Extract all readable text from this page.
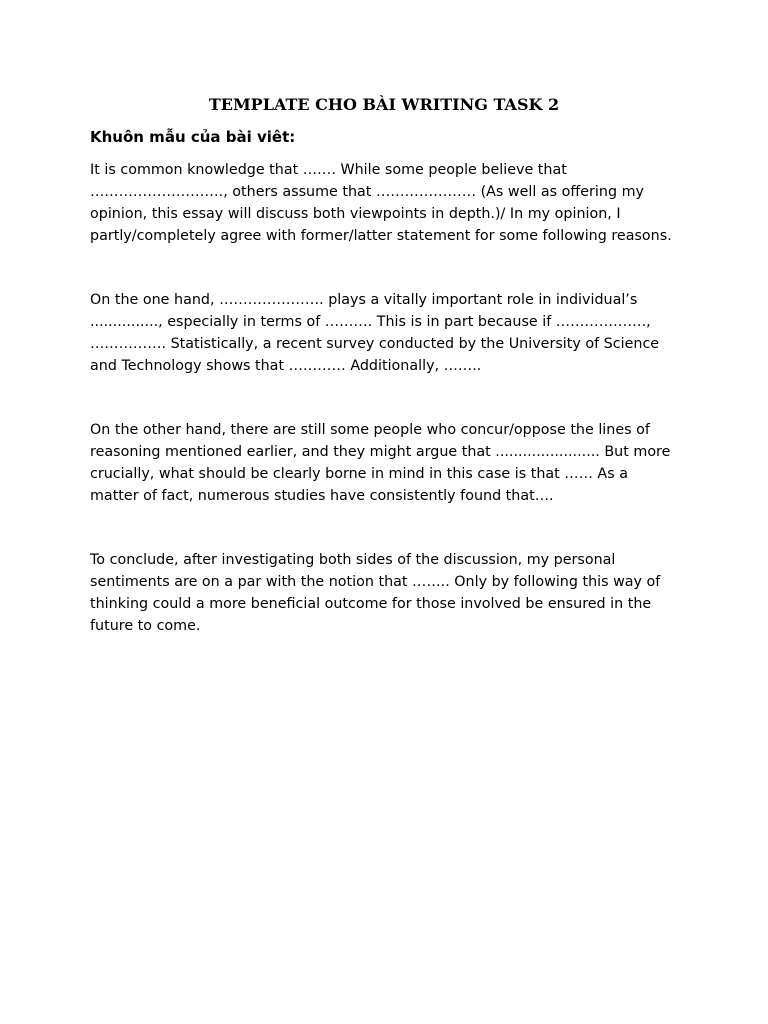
TEMPLATE CHO BÀI WRITING TASK 2
Khuôn mẫu của bài viêt:
It is common knowledge that ……. While some people believe that
………………………., others assume that ………………… (As well as offering my
opinion, this essay will discuss both viewpoints in depth.)/ In my opinion, I
partly/completely agree with former/latter statement for some following reasons.
On the one hand, …………………. plays a vitally important role in individual’s
..............., especially in terms of ………. This is in part because if ……………….,
……………. Statistically, a recent survey conducted by the University of Science
and Technology shows that ………… Additionally, ……..
On the other hand, there are still some people who concur/oppose the lines of
reasoning mentioned earlier, and they might argue that ....................... But more
crucially, what should be clearly borne in mind in this case is that …… As a
matter of fact, numerous studies have consistently found that….
To conclude, after investigating both sides of the discussion, my personal
sentiments are on a par with the notion that …….. Only by following this way of
thinking could a more beneficial outcome for those involved be ensured in the
future to come.
